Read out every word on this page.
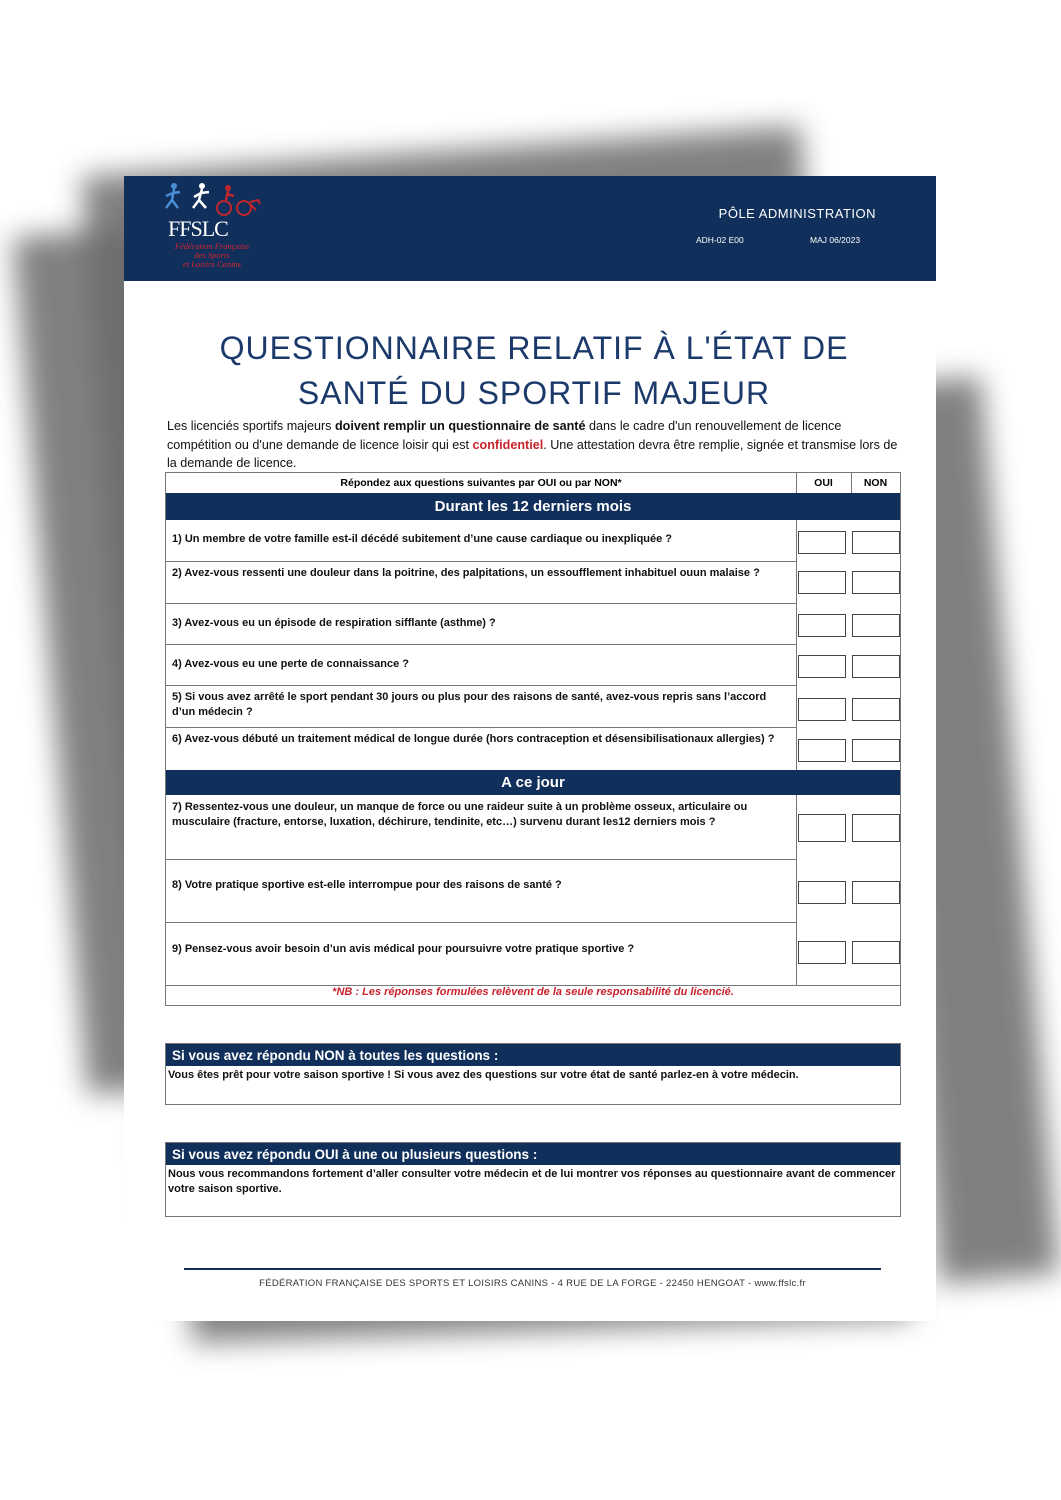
FFSLC
Fédération Française
des Sports
et Loisirs Canins
PÔLE ADMINISTRATION
ADH-02 E00	MAJ 06/2023
QUESTIONNAIRE RELATIF À L'ÉTAT DE
SANTÉ DU SPORTIF MAJEUR
Les licenciés sportifs majeurs doivent remplir un questionnaire de santé dans le cadre d'un renouvellement de licence compétition ou d'une demande de licence loisir qui est confidentiel. Une attestation devra être remplie, signée et transmise lors de la demande de licence.
Répondez aux questions suivantes par OUI ou par NON*	OUI	NON
Durant les 12 derniers mois
1) Un membre de votre famille est-il décédé subitement d’une cause cardiaque ou inexpliquée ?
2) Avez-vous ressenti une douleur dans la poitrine, des palpitations, un essoufflement inhabituel ouun malaise ?
3) Avez-vous eu un épisode de respiration sifflante (asthme) ?
4) Avez-vous eu une perte de connaissance ?
5) Si vous avez arrêté le sport pendant 30 jours ou plus pour des raisons de santé, avez-vous repris sans l’accord d’un médecin ?
6) Avez-vous débuté un traitement médical de longue durée (hors contraception et désensibilisationaux allergies) ?
A ce jour
7) Ressentez-vous une douleur, un manque de force ou une raideur suite à un problème osseux, articulaire ou musculaire (fracture, entorse, luxation, déchirure, tendinite, etc…) survenu durant les12 derniers mois ?
8) Votre pratique sportive est-elle interrompue pour des raisons de santé ?
9) Pensez-vous avoir besoin d’un avis médical pour poursuivre votre pratique sportive ?
*NB : Les réponses formulées relèvent de la seule responsabilité du licencié.
Si vous avez répondu NON à toutes les questions :
Vous êtes prêt pour votre saison sportive ! Si vous avez des questions sur votre état de santé parlez-en à votre médecin.
Si vous avez répondu OUI à une ou plusieurs questions :
Nous vous recommandons fortement d’aller consulter votre médecin et de lui montrer vos réponses au questionnaire avant de commencer votre saison sportive.
FÉDÉRATION FRANÇAISE DES SPORTS ET LOISIRS CANINS - 4 RUE DE LA FORGE - 22450 HENGOAT - www.ffslc.fr
